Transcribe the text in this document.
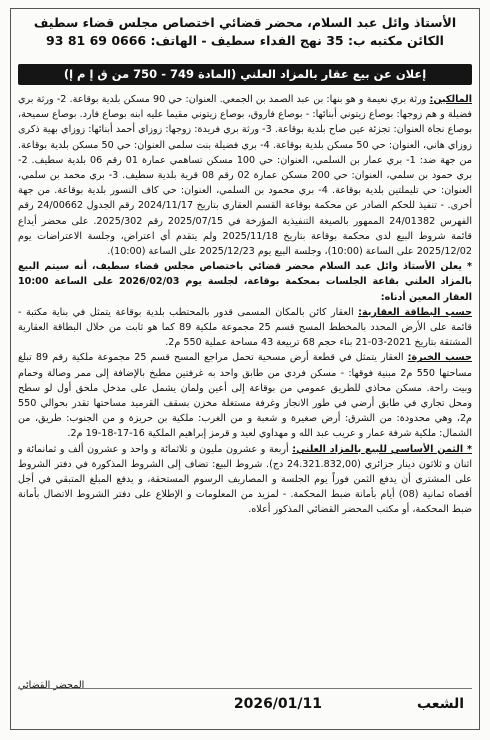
الأستاذ وائل عبد السلام، محضر قضائي اختصاص مجلس قضاء سطيف
الكائن مكتبه ب: 35 نهج الفداء سطيف - الهاتف: 0666 69 81 93
إعلان عن بيع عقار بالمزاد العلني (المادة 749 - 750 من ق إ م إ)

المالكين: ورثة بري نعيمة و هو بنها: بن عبد الصمد بن الجمعي. العنوان: حي 90 مسكن بلدية بوقاعة. 2- ورثة بري فضيلة و هم زوجها: بوصاع زيتوني أبنائها: - بوصاع فاروق، بوصاع زيتوني مقيما عليه ابنه بوصاع فارد. بوصاع سميحة، بوصاع نجاة العنوان: تجزئة عين صاح بلدية بوقاعة. 3- ورثة بري فريدة: زوجها: زوزاي أحمد أبنائها: زوزاي بهية ذكرى زوزاي هاني، العنوان: حي 50 مسكن بلدية بوقاعة. 4- بري فضيلة بنت سلمي العنوان: حي 50 مسكن بلدية بوقاعة. من جهة ضد: 1- بري عمار بن السلمي، العنوان: حي 100 مسكن تساهمي عمارة 01 رقم 06 بلدية سطيف. 2- بري حمود بن سلمي، العنوان: حي 200 مسكن عمارة 02 رقم 08 قرية بلدية سطيف. 3- بري محمد بن سلمي، العنوان: حي تليملتين بلدية بوقاعة. 4- بري محمود بن السلمي، العنوان: حي كاف النسور بلدية بوقاعة. من جهة أخرى. - تنفيذ للحكم الصادر عن محكمة بوقاعة القسم العقاري بتاريخ 2024/11/17 رقم الجدول 24/00662 رقم الفهرس 24/01382 الممهور بالصيغة التنفيذية المؤرخة في 2025/07/15 رقم 2025/302. على محضر أيداع قائمة شروط البيع لدى محكمة بوقاعة بتاريخ 2025/11/18 ولم يتقدم أي اعتراض، وجلسة الاعتراضات يوم 2025/12/02 على الساعة (10:00)، وجلسة البيع يوم 2025/12/23 على الساعة (10:00).

* يعلن الأستاذ وائل عبد السلام محضر قضائي باختصاص مجلس قضاء سطيف، أنه سيتم البيع بالمزاد العلني بقاعة الجلسات بمحكمة بوقاعة، لجلسة يوم 2026/02/03 على الساعة 10:00 العقار المعين أدناه:

حسب البطاقة العقارية: العقار كائن بالمكان المسمى قدور بالمحتطب بلدية بوقاعة يتمثل في بناية مكتبة - قائمة على الأرض المحدد بالمخطط المسح قسم 25 مجموعة ملكية 89 كما هو ثابت من خلال البطاقة العقارية المشتقة بتاريخ 2021-03-21 بناء حجم 68 تربيعة 43 مساحة عملية 550 م2.

حسب الخبرة: العقار يتمثل في قطعة أرض مسحية تحمل مراجع المسح قسم 25 مجموعة ملكية رقم 89 تبلغ مساحتها 550 م2 مبنية فوقها: - مسكن فردي من طابق واحد به غرفتين مطبخ بالإضافة إلى ممر وصالة وحمام وبيت راحة. مسكن محاذي للطريق عمومي من بوقاعة إلى أعين ولمان يشمل على مدخل ملحق أول لو سطح ومحل تجاري في طابق أرضي في طور الانجاز وغرفة مستغلة مخزن بسقف القرميد مساحتها تقدر بحوالي 550 م2، وهي محدودة: من الشرق: أرض صغيرة و شعبة و من الغرب: ملكية بن حريزة و من الجنوب: طريق، من الشمال: ملكية شرفة عمار و عريب عبد الله و مهداوي لعيد و قرمز إبراهيم الملكية 16-17-18-19 م2.

* الثمن الأساسي للبيع بالمزاد العلني: أربعة و عشرون مليون و ثلاثمائة و واحد و عشرون ألف و ثمانمائة و اثنان و ثلاثون دينار جزائري (24.321.832,00 دج). شروط البيع: تضاف إلى الشروط المذكورة في دفتر الشروط على المشتري أن يدفع الثمن فوراً يوم الجلسة و المصاريف الرسوم المستحقة، و يدفع المبلغ المتبقي في أجل أقصاه ثمانية (08) أيام بأمانة ضبط المحكمة. - لمزيد من المعلومات و الإطلاع على دفتر الشروط الاتصال بأمانة ضبط المحكمة، أو مكتب المحضر القضائي المذكور أعلاه.

المحضر القضائي
الشعب
2026/01/11
